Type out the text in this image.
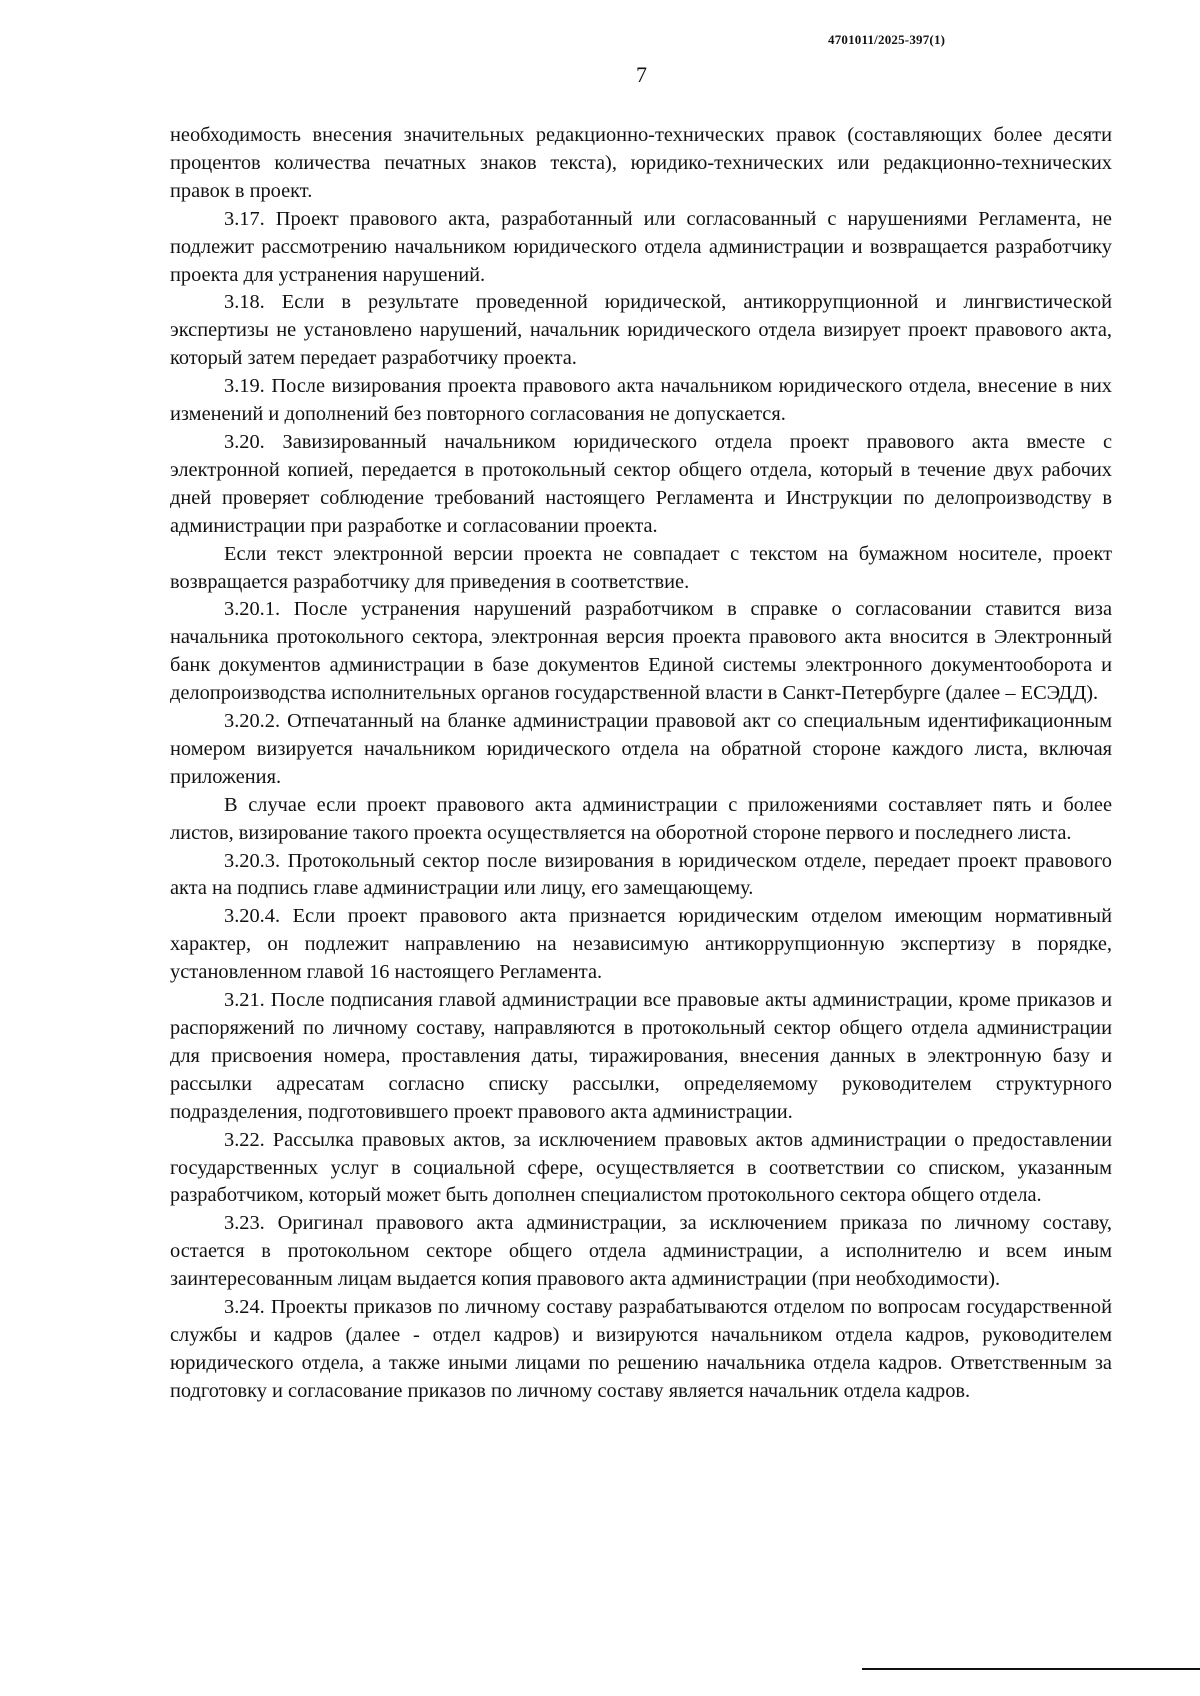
4701011/2025-397(1)
7

необходимость внесения значительных редакционно-технических правок (составляющих более десяти процентов количества печатных знаков текста), юридико-технических или редакционно-технических правок в проект.

3.17. Проект правового акта, разработанный или согласованный с нарушениями Регламента, не подлежит рассмотрению начальником юридического отдела администрации и возвращается разработчику проекта для устранения нарушений.

3.18. Если в результате проведенной юридической, антикоррупционной и лингвистической экспертизы не установлено нарушений, начальник юридического отдела визирует проект правового акта, который затем передает разработчику проекта.

3.19. После визирования проекта правового акта начальником юридического отдела, внесение в них изменений и дополнений без повторного согласования не допускается.

3.20. Завизированный начальником юридического отдела проект правового акта вместе с электронной копией, передается в протокольный сектор общего отдела, который в течение двух рабочих дней проверяет соблюдение требований настоящего Регламента и Инструкции по делопроизводству в администрации при разработке и согласовании проекта.

Если текст электронной версии проекта не совпадает с текстом на бумажном носителе, проект возвращается разработчику для приведения в соответствие.

3.20.1. После устранения нарушений разработчиком в справке о согласовании ставится виза начальника протокольного сектора, электронная версия проекта правового акта вносится в Электронный банк документов администрации в базе документов Единой системы электронного документооборота и делопроизводства исполнительных органов государственной власти в Санкт-Петербурге (далее – ЕСЭДД).

3.20.2. Отпечатанный на бланке администрации правовой акт со специальным идентификационным номером визируется начальником юридического отдела на обратной стороне каждого листа, включая приложения.

В случае если проект правового акта администрации с приложениями составляет пять и более листов, визирование такого проекта осуществляется на оборотной стороне первого и последнего листа.

3.20.3. Протокольный сектор после визирования в юридическом отделе, передает проект правового акта на подпись главе администрации или лицу, его замещающему.

3.20.4. Если проект правового акта признается юридическим отделом имеющим нормативный характер, он подлежит направлению на независимую антикоррупционную экспертизу в порядке, установленном главой 16 настоящего Регламента.

3.21. После подписания главой администрации все правовые акты администрации, кроме приказов и распоряжений по личному составу, направляются в протокольный сектор общего отдела администрации для присвоения номера, проставления даты, тиражирования, внесения данных в электронную базу и рассылки адресатам согласно списку рассылки, определяемому руководителем структурного подразделения, подготовившего проект правового акта администрации.

3.22. Рассылка правовых актов, за исключением правовых актов администрации о предоставлении государственных услуг в социальной сфере, осуществляется в соответствии со списком, указанным разработчиком, который может быть дополнен специалистом протокольного сектора общего отдела.

3.23. Оригинал правового акта администрации, за исключением приказа по личному составу, остается в протокольном секторе общего отдела администрации, а исполнителю и всем иным заинтересованным лицам выдается копия правового акта администрации (при необходимости).

3.24. Проекты приказов по личному составу разрабатываются отделом по вопросам государственной службы и кадров (далее - отдел кадров) и визируются начальником отдела кадров, руководителем юридического отдела, а также иными лицами по решению начальника отдела кадров. Ответственным за подготовку и согласование приказов по личному составу является начальник отдела кадров.
